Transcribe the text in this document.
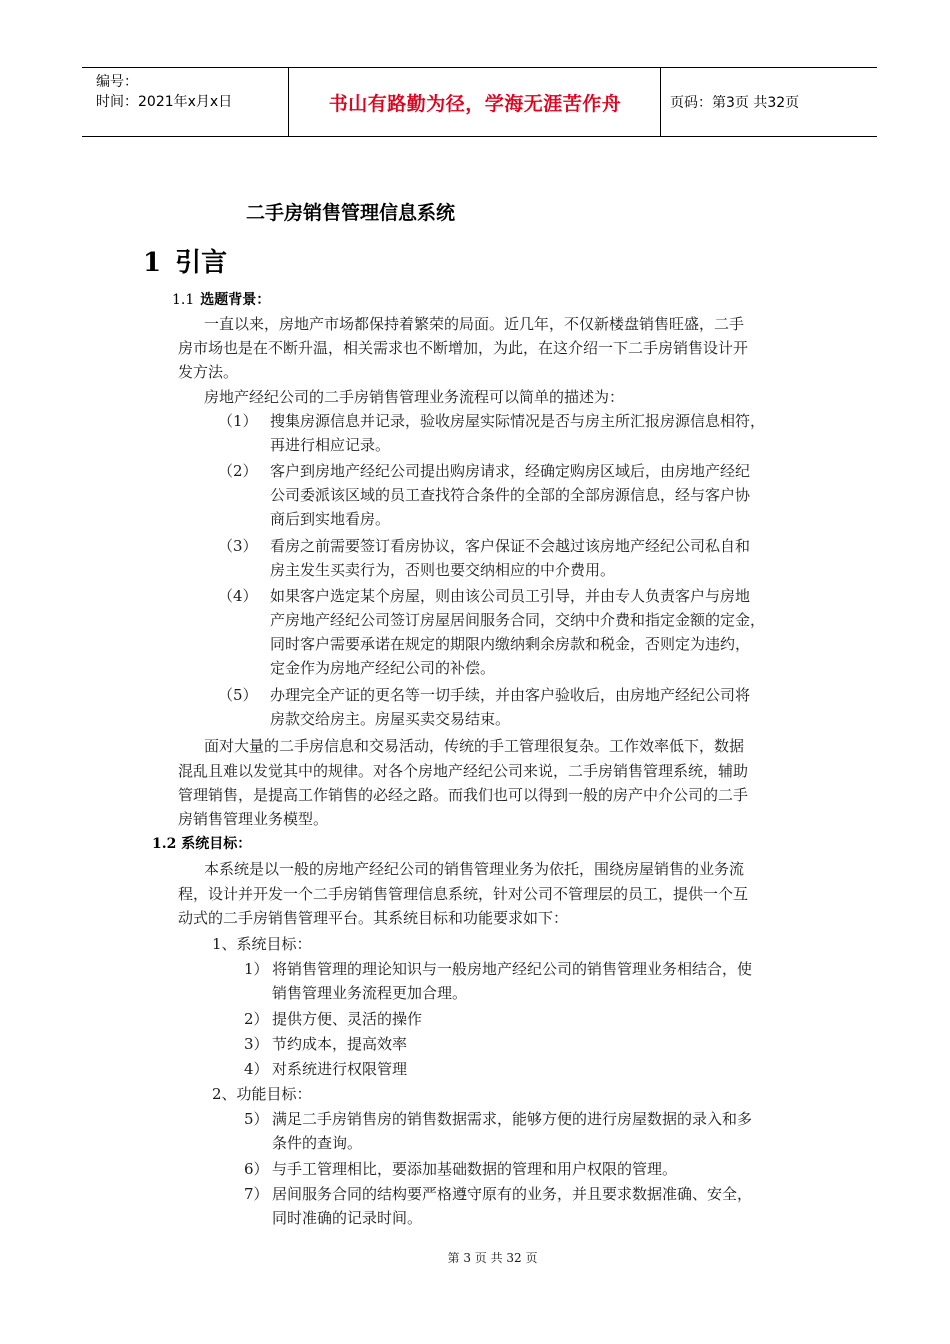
编号：
时间：2021年x月x日	书山有路勤为径，学海无涯苦作舟	页码：第3页 共32页
二手房销售管理信息系统
1 引言
1.1 选题背景：
一直以来，房地产市场都保持着繁荣的局面。近几年，不仅新楼盘销售旺盛，二手
房市场也是在不断升温，相关需求也不断增加，为此，在这介绍一下二手房销售设计开
发方法。
房地产经纪公司的二手房销售管理业务流程可以简单的描述为：
（1） 搜集房源信息并记录，验收房屋实际情况是否与房主所汇报房源信息相符，
再进行相应记录。
（2） 客户到房地产经纪公司提出购房请求，经确定购房区域后，由房地产经纪
公司委派该区域的员工查找符合条件的全部的全部房源信息，经与客户协
商后到实地看房。
（3） 看房之前需要签订看房协议，客户保证不会越过该房地产经纪公司私自和
房主发生买卖行为，否则也要交纳相应的中介费用。
（4） 如果客户选定某个房屋，则由该公司员工引导，并由专人负责客户与房地
产房地产经纪公司签订房屋居间服务合同，交纳中介费和指定金额的定金，
同时客户需要承诺在规定的期限内缴纳剩余房款和税金，否则定为违约，
定金作为房地产经纪公司的补偿。
（5） 办理完全产证的更名等一切手续，并由客户验收后，由房地产经纪公司将
房款交给房主。房屋买卖交易结束。
面对大量的二手房信息和交易活动，传统的手工管理很复杂。工作效率低下，数据
混乱且难以发觉其中的规律。对各个房地产经纪公司来说，二手房销售管理系统，辅助
管理销售，是提高工作销售的必经之路。而我们也可以得到一般的房产中介公司的二手
房销售管理业务模型。
1.2 系统目标：
本系统是以一般的房地产经纪公司的销售管理业务为依托，围绕房屋销售的业务流
程，设计并开发一个二手房销售管理信息系统，针对公司不管理层的员工，提供一个互
动式的二手房销售管理平台。其系统目标和功能要求如下：
1、系统目标：
1） 将销售管理的理论知识与一般房地产经纪公司的销售管理业务相结合，使
销售管理业务流程更加合理。
2） 提供方便、灵活的操作
3） 节约成本，提高效率
4） 对系统进行权限管理
2、功能目标：
5） 满足二手房销售房的销售数据需求，能够方便的进行房屋数据的录入和多
条件的查询。
6） 与手工管理相比，要添加基础数据的管理和用户权限的管理。
7） 居间服务合同的结构要严格遵守原有的业务，并且要求数据准确、安全，
同时准确的记录时间。
第 3 页 共 32 页
